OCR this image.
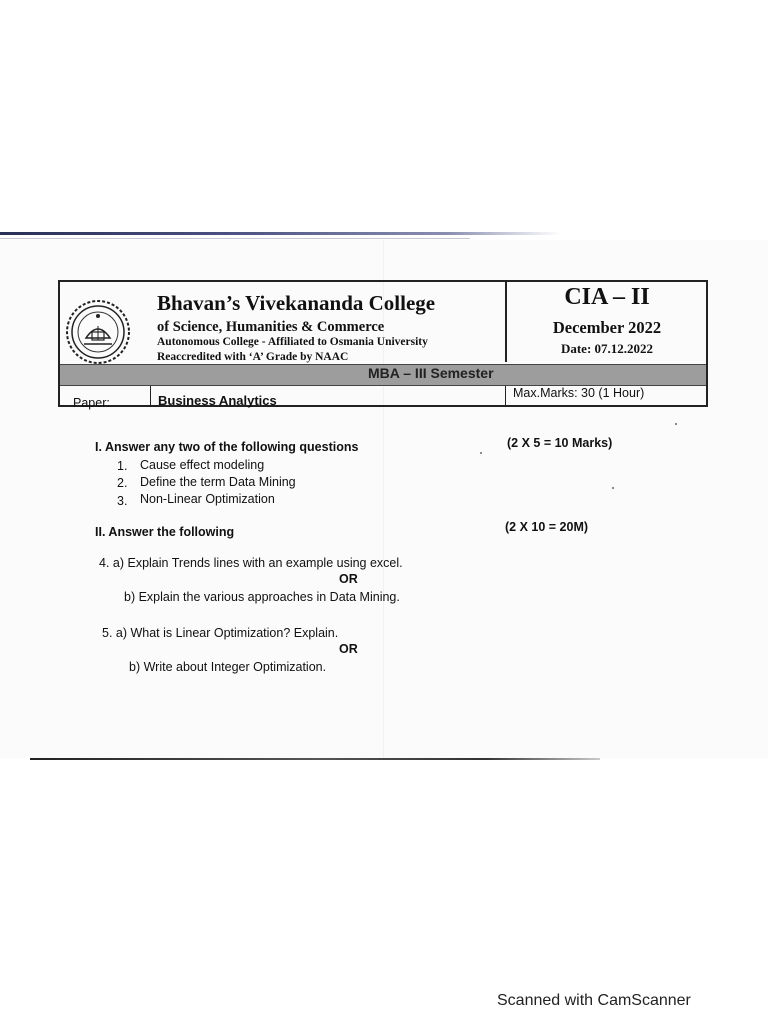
Bhavan’s Vivekananda College
of Science, Humanities & Commerce
Autonomous College - Affiliated to Osmania University
Reaccredited with ‘A’ Grade by NAAC
CIA – II
December 2022
Date: 07.12.2022
MBA – III Semester
Paper:	Business Analytics	Max.Marks: 30 (1 Hour)
I. Answer any two of the following questions	(2 X 5 = 10 Marks)
1. Cause effect modeling
2. Define the term Data Mining
3. Non-Linear Optimization
II. Answer the following	(2 X 10 = 20M)
4. a) Explain Trends lines with an example using excel.
OR
b) Explain the various approaches in Data Mining.
5. a) What is Linear Optimization? Explain.
OR
b) Write about Integer Optimization.
Scanned with CamScanner
